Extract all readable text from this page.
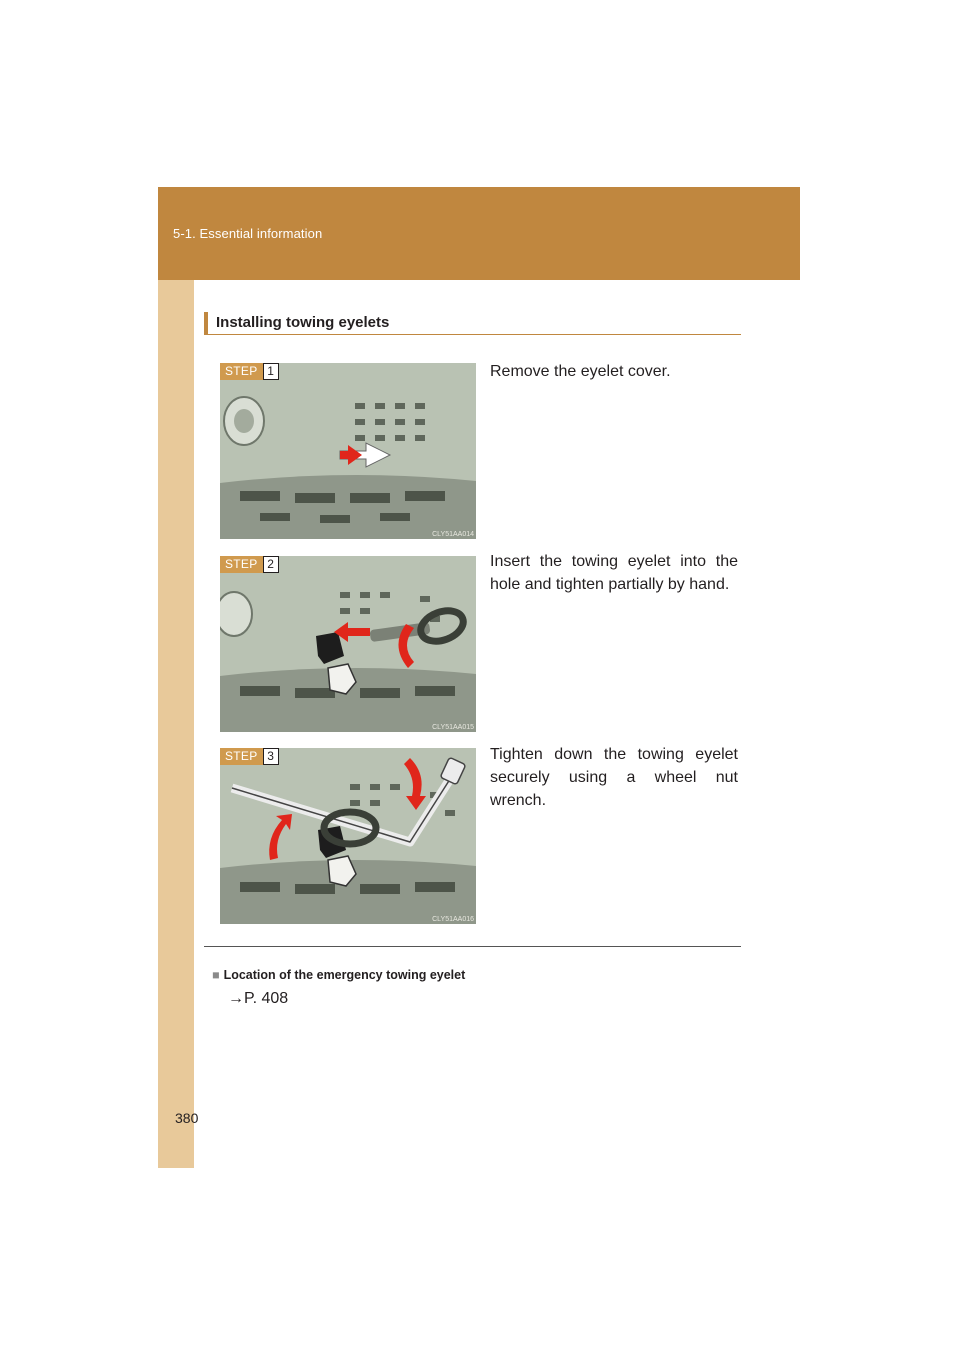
5-1. Essential information
Installing towing eyelets
STEP 1
CLY51AA014
Remove the eyelet cover.
STEP 2
CLY51AA015
Insert the towing eyelet into the hole and tighten partially by hand.
STEP 3
CLY51AA016
Tighten down the towing eyelet securely using a wheel nut wrench.
■ Location of the emergency towing eyelet
→P. 408
380
